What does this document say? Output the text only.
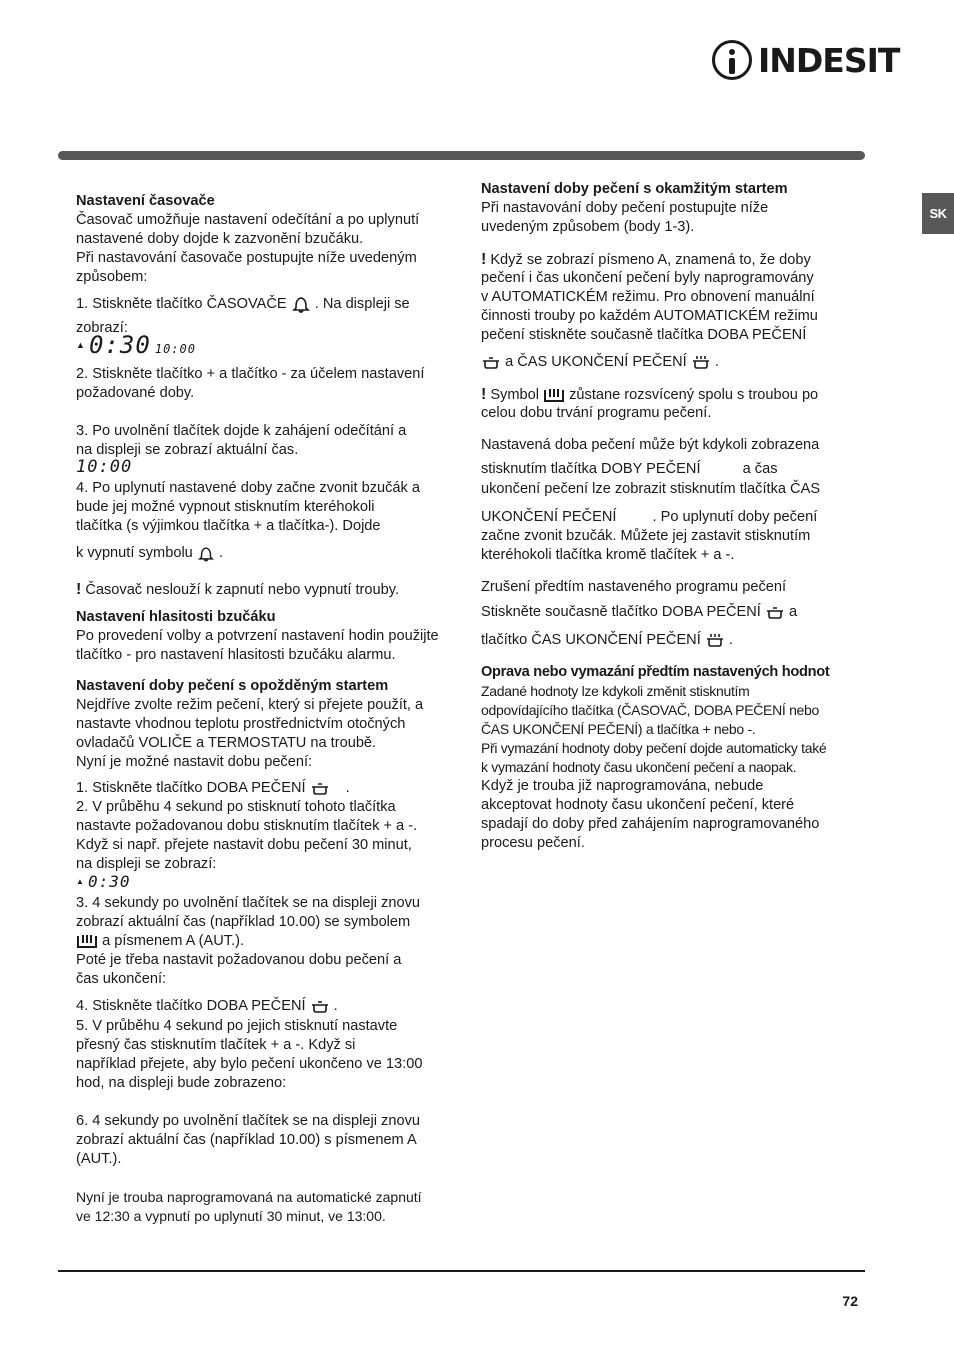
INDESIT
SK
Nastavení časovače
Časovač umožňuje nastavení odečítání a po uplynutí
nastavené doby dojde k zazvonění bzučáku.
Při nastavování časovače postupujte níže uvedeným
způsobem:
1. Stiskněte tlačítko ČASOVAČE . Na displeji se
zobrazí:
▲ 0:30 10:00
2. Stiskněte tlačítko + a tlačítko - za účelem nastavení
požadované doby.
3. Po uvolnění tlačítek dojde k zahájení odečítání a
na displeji se zobrazí aktuální čas.
10:00
4. Po uplynutí nastavené doby začne zvonit bzučák a
bude jej možné vypnout stisknutím kteréhokoli
tlačítka (s výjimkou tlačítka + a tlačítka-). Dojde
k vypnutí symbolu .
! Časovač neslouží k zapnutí nebo vypnutí trouby.
Nastavení hlasitosti bzučáku
Po provedení volby a potvrzení nastavení hodin použijte
tlačítko - pro nastavení hlasitosti bzučáku alarmu.
Nastavení doby pečení s opožděným startem
Nejdříve zvolte režim pečení, který si přejete použít, a
nastavte vhodnou teplotu prostřednictvím otočných
ovladačů VOLIČE a TERMOSTATU na troubě.
Nyní je možné nastavit dobu pečení:
1. Stiskněte tlačítko DOBA PEČENÍ	.
2. V průběhu 4 sekund po stisknutí tohoto tlačítka
nastavte požadovanou dobu stisknutím tlačítek + a -.
Když si např. přejete nastavit dobu pečení 30 minut,
na displeji se zobrazí:
▲ 0:30
3. 4 sekundy po uvolnění tlačítek se na displeji znovu
zobrazí aktuální čas (například 10.00) se symbolem
a písmenem A (AUT.).
Poté je třeba nastavit požadovanou dobu pečení a
čas ukončení:
4. Stiskněte tlačítko DOBA PEČENÍ .
5. V průběhu 4 sekund po jejich stisknutí nastavte
přesný čas stisknutím tlačítek + a -. Když si
například přejete, aby bylo pečení ukončeno ve 13:00
hod, na displeji bude zobrazeno:
6. 4 sekundy po uvolnění tlačítek se na displeji znovu
zobrazí aktuální čas (například 10.00) s písmenem A
(AUT.).
Nyní je trouba naprogramovaná na automatické zapnutí
ve 12:30 a vypnutí po uplynutí 30 minut, ve 13:00.
Nastavení doby pečení s okamžitým startem
Při nastavování doby pečení postupujte níže
uvedeným způsobem (body 1-3).
! Když se zobrazí písmeno A, znamená to, že doby
pečení i čas ukončení pečení byly naprogramovány
v AUTOMATICKÉM režimu. Pro obnovení manuální
činnosti trouby po každém AUTOMATICKÉM režimu
pečení stiskněte současně tlačítka DOBA PEČENÍ
a ČAS UKONČENÍ PEČENÍ .
! Symbol zůstane rozsvícený spolu s troubou po
celou dobu trvání programu pečení.
Nastavená doba pečení může být kdykoli zobrazena
stisknutím tlačítka DOBY PEČENÍ	a čas
ukončení pečení lze zobrazit stisknutím tlačítka ČAS
UKONČENÍ PEČENÍ . Po uplynutí doby pečení
začne zvonit bzučák. Můžete jej zastavit stisknutím
kteréhokoli tlačítka kromě tlačítek + a -.
Zrušení předtím nastaveného programu pečení
Stiskněte současně tlačítko DOBA PEČENÍ a
tlačítko ČAS UKONČENÍ PEČENÍ .
Oprava nebo vymazání předtím nastavených hodnot
Zadané hodnoty lze kdykoli změnit stisknutím
odpovídajícího tlačítka (ČASOVAČ, DOBA PEČENÍ nebo
ČAS UKONČENÍ PEČENÍ) a tlačítka + nebo -.
Při vymazání hodnoty doby pečení dojde automaticky také
k vymazání hodnoty času ukončení pečení a naopak.
Když je trouba již naprogramována, nebude
akceptovat hodnoty času ukončení pečení, které
spadají do doby před zahájením naprogramovaného
procesu pečení.
72
